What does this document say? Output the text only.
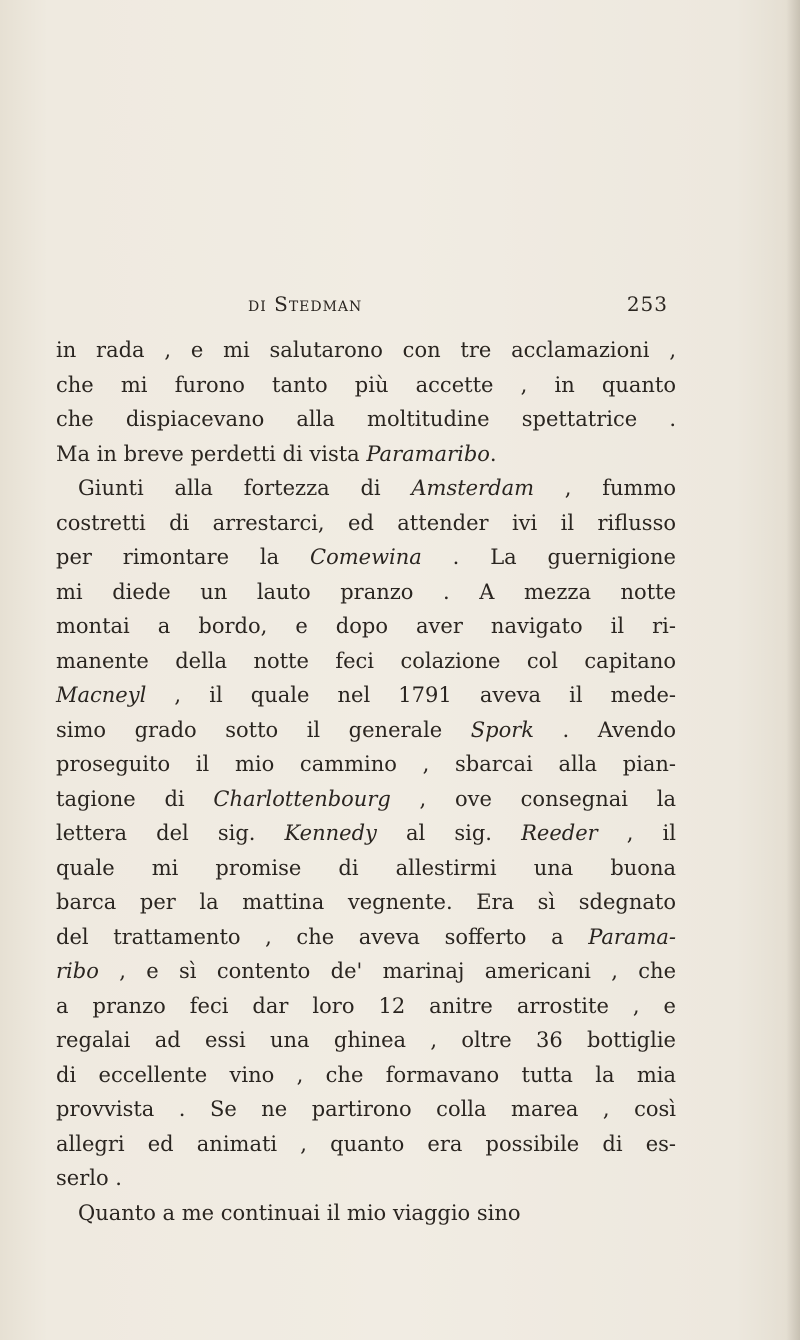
di Stedman	253
in rada , e mi salutarono con tre acclamazioni ,
che mi furono tanto più accette , in quanto
che dispiacevano alla moltitudine spettatrice .
Ma in breve perdetti di vista Paramaribo.
Giunti alla fortezza di Amsterdam , fummo
costretti di arrestarci, ed attender ivi il riflusso
per rimontare la Comewina . La guernigione
mi diede un lauto pranzo . A mezza notte
montai a bordo, e dopo aver navigato il ri-
manente della notte feci colazione col capitano
Macneyl , il quale nel 1791 aveva il mede-
simo grado sotto il generale Spork . Avendo
proseguito il mio cammino , sbarcai alla pian-
tagione di Charlottenbourg , ove consegnai la
lettera del sig. Kennedy al sig. Reeder , il
quale mi promise di allestirmi una buona
barca per la mattina vegnente. Era sì sdegnato
del trattamento , che aveva sofferto a Parama-
ribo , e sì contento de' marinaj americani , che
a pranzo feci dar loro 12 anitre arrostite , e
regalai ad essi una ghinea , oltre 36 bottiglie
di eccellente vino , che formavano tutta la mia
provvista . Se ne partirono colla marea , così
allegri ed animati , quanto era possibile di es-
serlo .
Quanto a me continuai il mio viaggio sino
